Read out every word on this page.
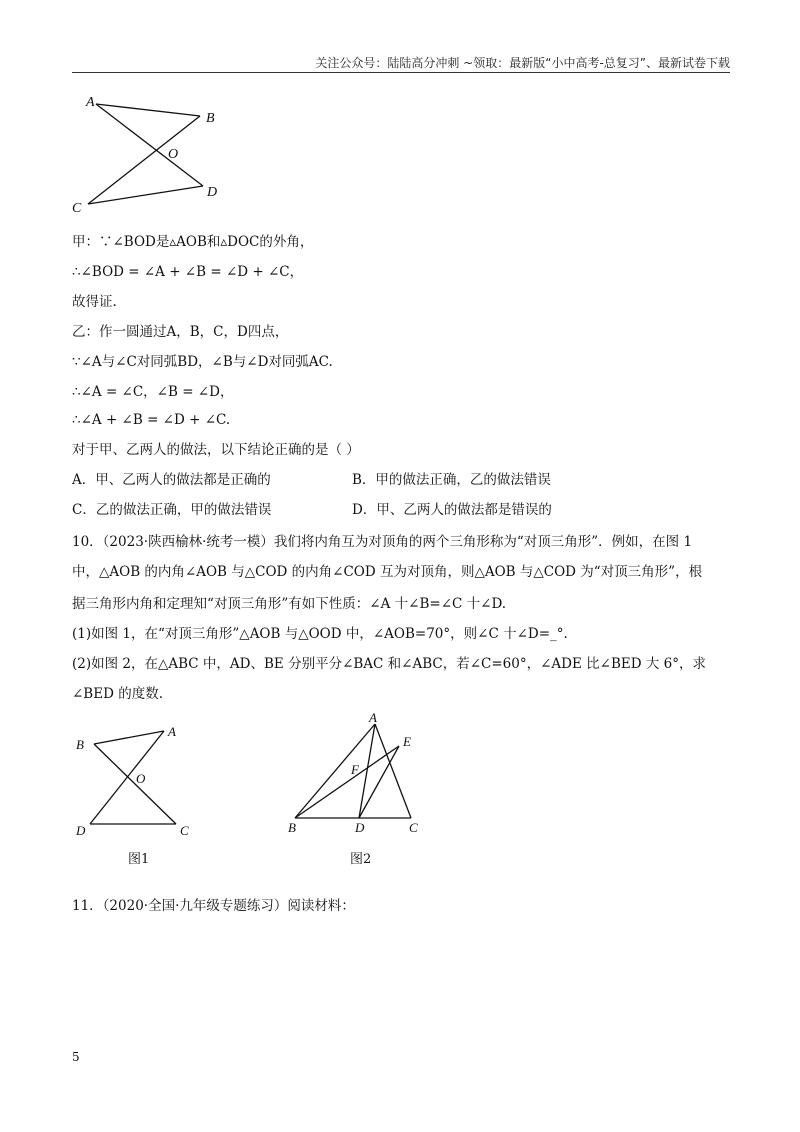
关注公众号：陆陆高分冲刺 ~领取：最新版“小中高考-总复习”、最新试卷下载
A
B
O
D
C
甲：∵∠BOD是▵AOB和▵DOC的外角，
∴∠BOD = ∠A + ∠B = ∠D + ∠C，
故得证.
乙：作一圆通过A，B，C，D四点，
∵∠A与∠C对同弧BD，∠B与∠D对同弧AC.
∴∠A = ∠C，∠B = ∠D，
∴∠A + ∠B = ∠D + ∠C.
对于甲、乙两人的做法，以下结论正确的是（ ）
A．甲、乙两人的做法都是正确的	B．甲的做法正确，乙的做法错误
C．乙的做法正确，甲的做法错误	D．甲、乙两人的做法都是错误的
10．（2023·陕西榆林·统考一模）我们将内角互为对顶角的两个三角形称为“对顶三角形”．例如，在图 1
中，△AOB 的内角∠AOB 与△COD 的内角∠COD 互为对顶角，则△AOB 与△COD 为“对顶三角形”，根
据三角形内角和定理知“对顶三角形”有如下性质：∠A 十∠B=∠C 十∠D.
(1)如图 1，在“对顶三角形”△AOB 与△OOD 中，∠AOB=70°，则∠C 十∠D=_°.
(2)如图 2，在△ABC 中，AD、BE 分别平分∠BAC 和∠ABC，若∠C=60°，∠ADE 比∠BED 大 6°，求
∠BED 的度数.
B
A
O
D	C
图1
A
E
F
B	D	C
图2
11．（2020·全国·九年级专题练习）阅读材料：
5
